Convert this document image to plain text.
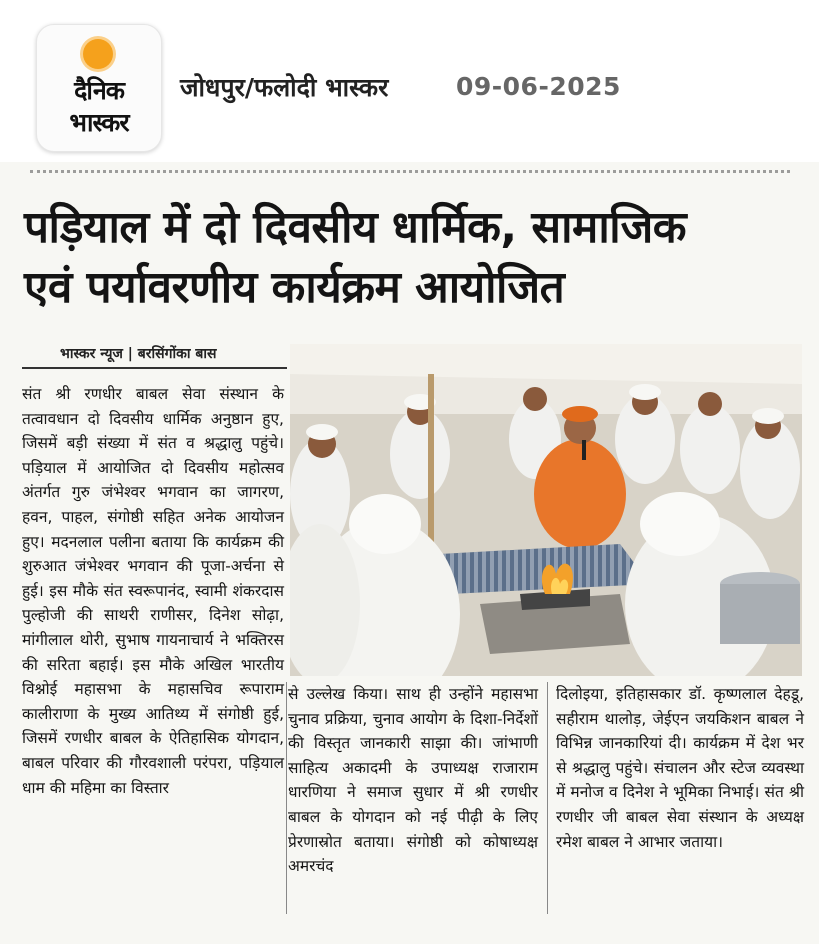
दैनिक
भास्कर
जोधपुर/फलोदी भास्कर	09-06-2025
पड़ियाल में दो दिवसीय धार्मिक, सामाजिक
एवं पर्यावरणीय कार्यक्रम आयोजित
भास्कर न्यूज | बरसिंगोंका बास
संत श्री रणधीर बाबल सेवा संस्थान के तत्वावधान दो दिवसीय धार्मिक अनुष्ठान हुए, जिसमें बड़ी संख्या में संत व श्रद्धालु पहुंचे। पड़ियाल में आयोजित दो दिवसीय महोत्सव अंतर्गत गुरु जंभेश्वर भगवान का जागरण, हवन, पाहल, संगोष्ठी सहित अनेक आयोजन हुए। मदनलाल पलीना बताया कि कार्यक्रम की शुरुआत जंभेश्वर भगवान की पूजा-अर्चना से हुई। इस मौके संत स्वरूपानंद, स्वामी शंकरदास पुल्होजी की साथरी राणीसर, दिनेश सोढ़ा, मांगीलाल थोरी, सुभाष गायनाचार्य ने भक्तिरस की सरिता बहाई। इस मौके अखिल भारतीय विश्नोई महासभा के महासचिव रूपाराम कालीराणा के मुख्य आतिथ्य में संगोष्ठी हुई, जिसमें रणधीर बाबल के ऐतिहासिक योगदान, बाबल परिवार की गौरवशाली परंपरा, पड़ियाल धाम की महिमा का विस्तार
से उल्लेख किया। साथ ही उन्होंने महासभा चुनाव प्रक्रिया, चुनाव आयोग के दिशा-निर्देशों की विस्तृत जानकारी साझा की। जांभाणी साहित्य अकादमी के उपाध्यक्ष राजाराम धारणिया ने समाज सुधार में श्री रणधीर बाबल के योगदान को नई पीढ़ी के लिए प्रेरणास्रोत बताया। संगोष्ठी को कोषाध्यक्ष अमरचंद
दिलोइया, इतिहासकार डॉ. कृष्णलाल देहडू, सहीराम थालोड़, जेईएन जयकिशन बाबल ने विभिन्न जानकारियां दी। कार्यक्रम में देश भर से श्रद्धालु पहुंचे। संचालन और स्टेज व्यवस्था में मनोज व दिनेश ने भूमिका निभाई। संत श्री रणधीर जी बाबल सेवा संस्थान के अध्यक्ष रमेश बाबल ने आभार जताया।
